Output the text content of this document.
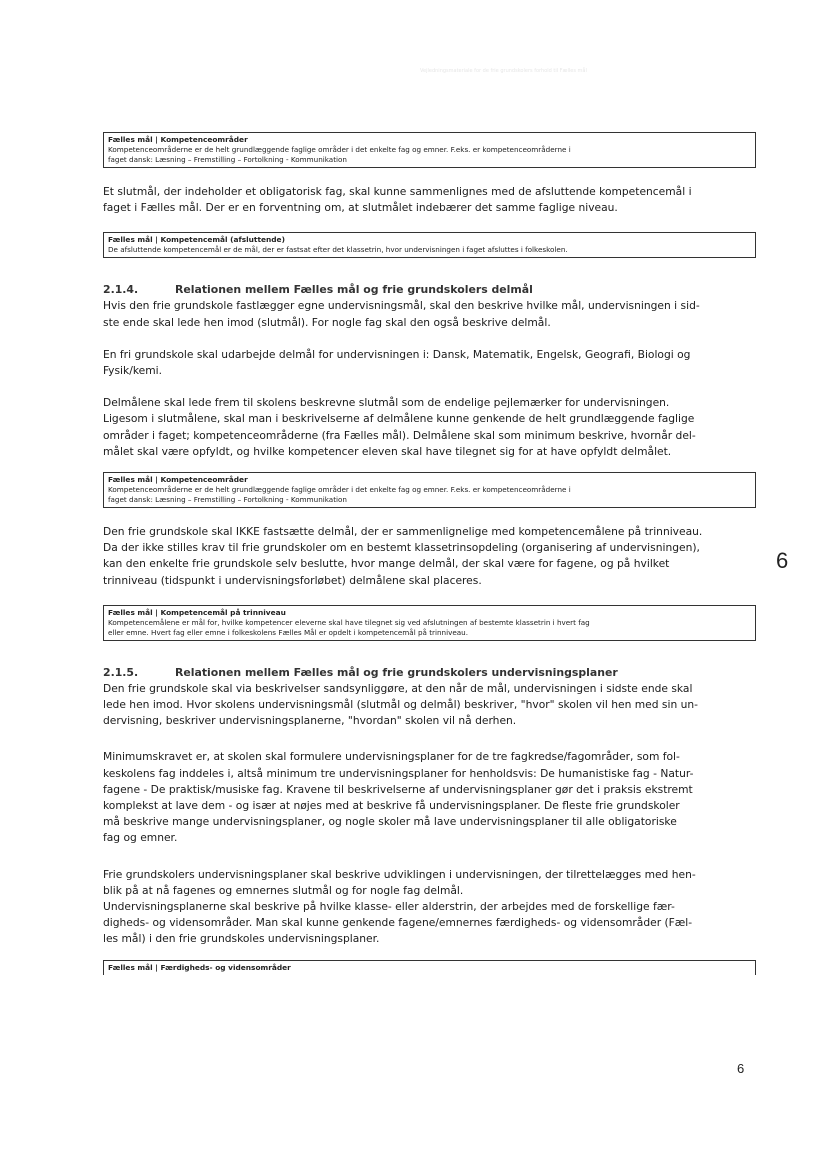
Vejledningsmateriale for de frie grundskolers forhold til Fælles mål
Fælles mål | Kompetenceområder
Kompetenceområderne er de helt grundlæggende faglige områder i det enkelte fag og emner. F.eks. er kompetenceområderne i
faget dansk: Læsning – Fremstilling – Fortolkning - Kommunikation

Et slutmål, der indeholder et obligatorisk fag, skal kunne sammenlignes med de afsluttende kompetencemål i
faget i Fælles mål. Der er en forventning om, at slutmålet indebærer det samme faglige niveau.

Fælles mål | Kompetencemål (afsluttende)
De afsluttende kompetencemål er de mål, der er fastsat efter det klassetrin, hvor undervisningen i faget afsluttes i folkeskolen.
2.1.4.	Relationen mellem Fælles mål og frie grundskolers delmål

Hvis den frie grundskole fastlægger egne undervisningsmål, skal den beskrive hvilke mål, undervisningen i sid-
ste ende skal lede hen imod (slutmål). For nogle fag skal den også beskrive delmål.

En fri grundskole skal udarbejde delmål for undervisningen i: Dansk, Matematik, Engelsk, Geografi, Biologi og
Fysik/kemi.

Delmålene skal lede frem til skolens beskrevne slutmål som de endelige pejlemærker for undervisningen.
Ligesom i slutmålene, skal man i beskrivelserne af delmålene kunne genkende de helt grundlæggende faglige
områder i faget; kompetenceområderne (fra Fælles mål). Delmålene skal som minimum beskrive, hvornår del-
målet skal være opfyldt, og hvilke kompetencer eleven skal have tilegnet sig for at have opfyldt delmålet.

Fælles mål | Kompetenceområder
Kompetenceområderne er de helt grundlæggende faglige områder i det enkelte fag og emner. F.eks. er kompetenceområderne i
faget dansk: Læsning – Fremstilling – Fortolkning - Kommunikation

Den frie grundskole skal IKKE fastsætte delmål, der er sammenlignelige med kompetencemålene på trinniveau.
Da der ikke stilles krav til frie grundskoler om en bestemt klassetrinsopdeling (organisering af undervisningen),
kan den enkelte frie grundskole selv beslutte, hvor mange delmål, der skal være for fagene, og på hvilket
trinniveau (tidspunkt i undervisningsforløbet) delmålene skal placeres.

Fælles mål | Kompetencemål på trinniveau
Kompetencemålene er mål for, hvilke kompetencer eleverne skal have tilegnet sig ved afslutningen af bestemte klassetrin i hvert fag
eller emne. Hvert fag eller emne i folkeskolens Fælles Mål er opdelt i kompetencemål på trinniveau.
2.1.5.	Relationen mellem Fælles mål og frie grundskolers undervisningsplaner

Den frie grundskole skal via beskrivelser sandsynliggøre, at den når de mål, undervisningen i sidste ende skal
lede hen imod. Hvor skolens undervisningsmål (slutmål og delmål) beskriver, "hvor" skolen vil hen med sin un-
dervisning, beskriver undervisningsplanerne, "hvordan" skolen vil nå derhen.

Minimumskravet er, at skolen skal formulere undervisningsplaner for de tre fagkredse/fagområder, som fol-
keskolens fag inddeles i, altså minimum tre undervisningsplaner for henholdsvis: De humanistiske fag - Natur-
fagene - De praktisk/musiske fag. Kravene til beskrivelserne af undervisningsplaner gør det i praksis ekstremt
komplekst at lave dem - og især at nøjes med at beskrive få undervisningsplaner. De fleste frie grundskoler
må beskrive mange undervisningsplaner, og nogle skoler må lave undervisningsplaner til alle obligatoriske
fag og emner.

Frie grundskolers undervisningsplaner skal beskrive udviklingen i undervisningen, der tilrettelægges med hen-
blik på at nå fagenes og emnernes slutmål og for nogle fag delmål.
Undervisningsplanerne skal beskrive på hvilke klasse- eller alderstrin, der arbejdes med de forskellige fær-
digheds- og vidensområder. Man skal kunne genkende fagene/emnernes færdigheds- og vidensområder (Fæl-
les mål) i den frie grundskoles undervisningsplaner.

Fælles mål | Færdigheds- og vidensområder
6
6
